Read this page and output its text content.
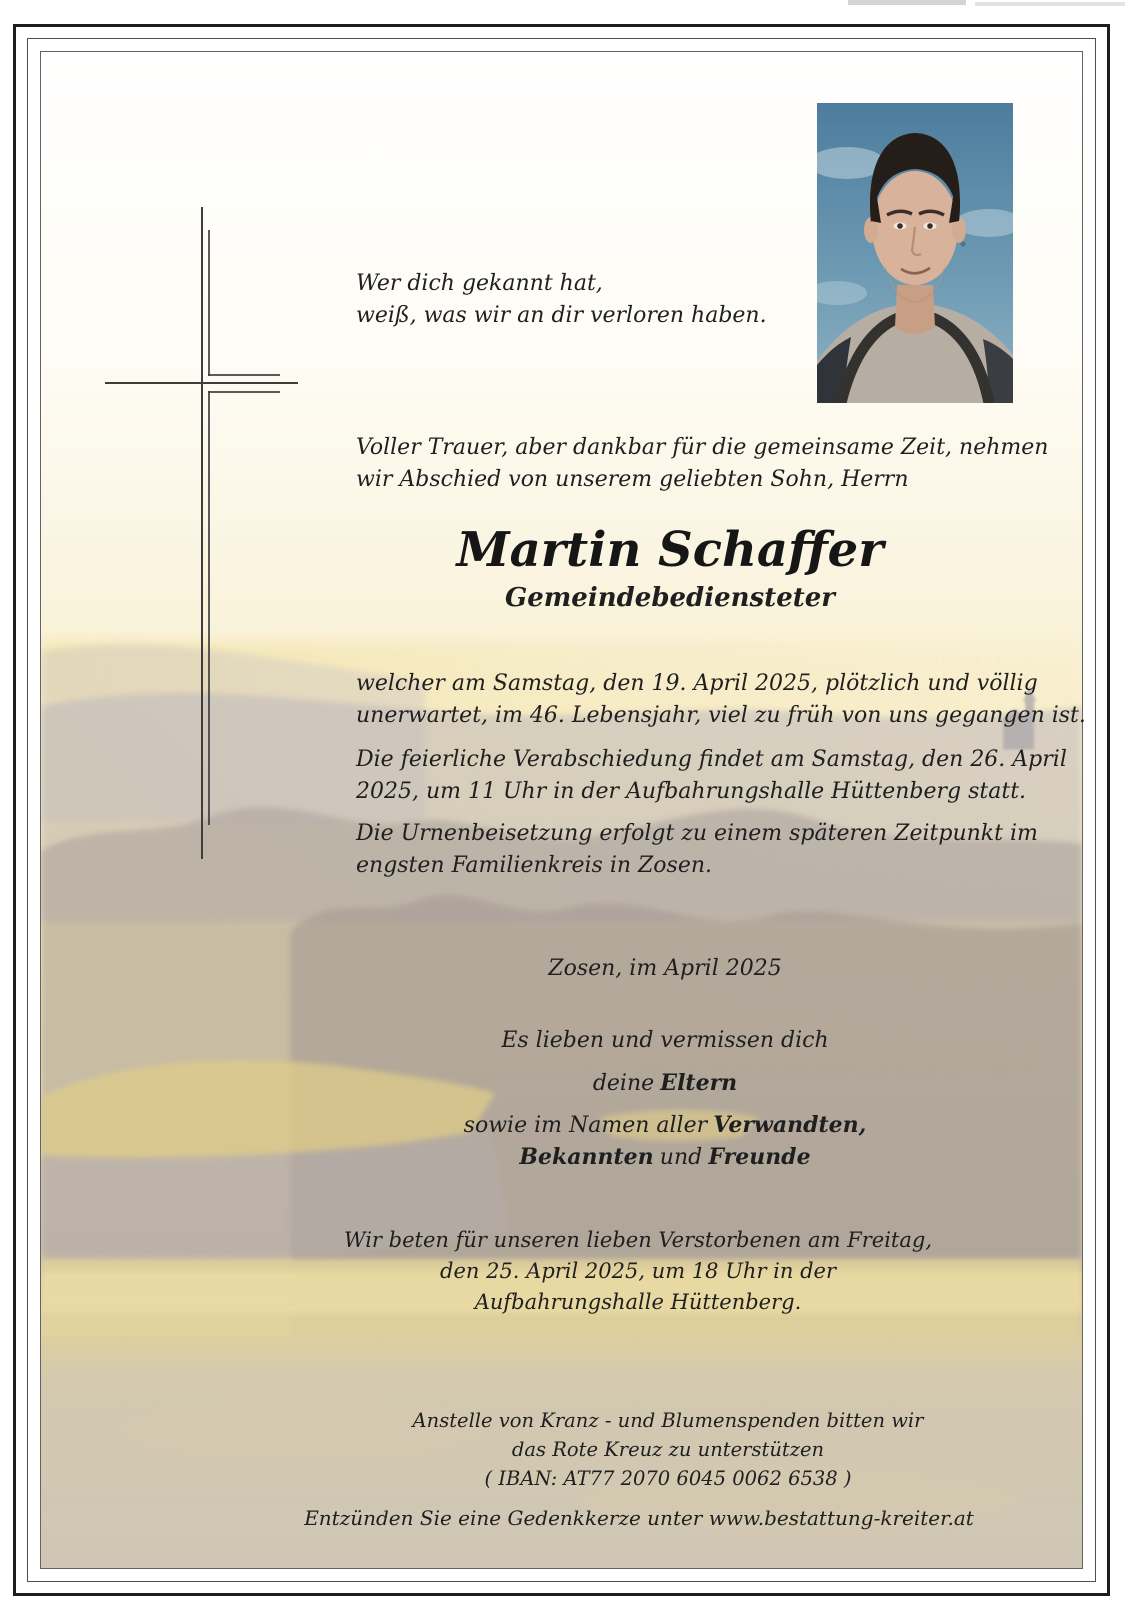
Wer dich gekannt hat,
weiß, was wir an dir verloren haben.
Voller Trauer, aber dankbar für die gemeinsame Zeit, nehmen
wir Abschied von unserem geliebten Sohn, Herrn
Martin Schaffer
Gemeindebediensteter
welcher am Samstag, den 19. April 2025, plötzlich und völlig
unerwartet, im 46. Lebensjahr, viel zu früh von uns gegangen ist.
Die feierliche Verabschiedung findet am Samstag, den 26. April
2025, um 11 Uhr in der Aufbahrungshalle Hüttenberg statt.
Die Urnenbeisetzung erfolgt zu einem späteren Zeitpunkt im
engsten Familienkreis in Zosen.
Zosen, im April 2025
Es lieben und vermissen dich
deine Eltern
sowie im Namen aller Verwandten,
Bekannten und Freunde
Wir beten für unseren lieben Verstorbenen am Freitag,
den 25. April 2025, um 18 Uhr in der
Aufbahrungshalle Hüttenberg.
Anstelle von Kranz - und Blumenspenden bitten wir
das Rote Kreuz zu unterstützen
( IBAN: AT77 2070 6045 0062 6538 )
Entzünden Sie eine Gedenkkerze unter www.bestattung-kreiter.at
